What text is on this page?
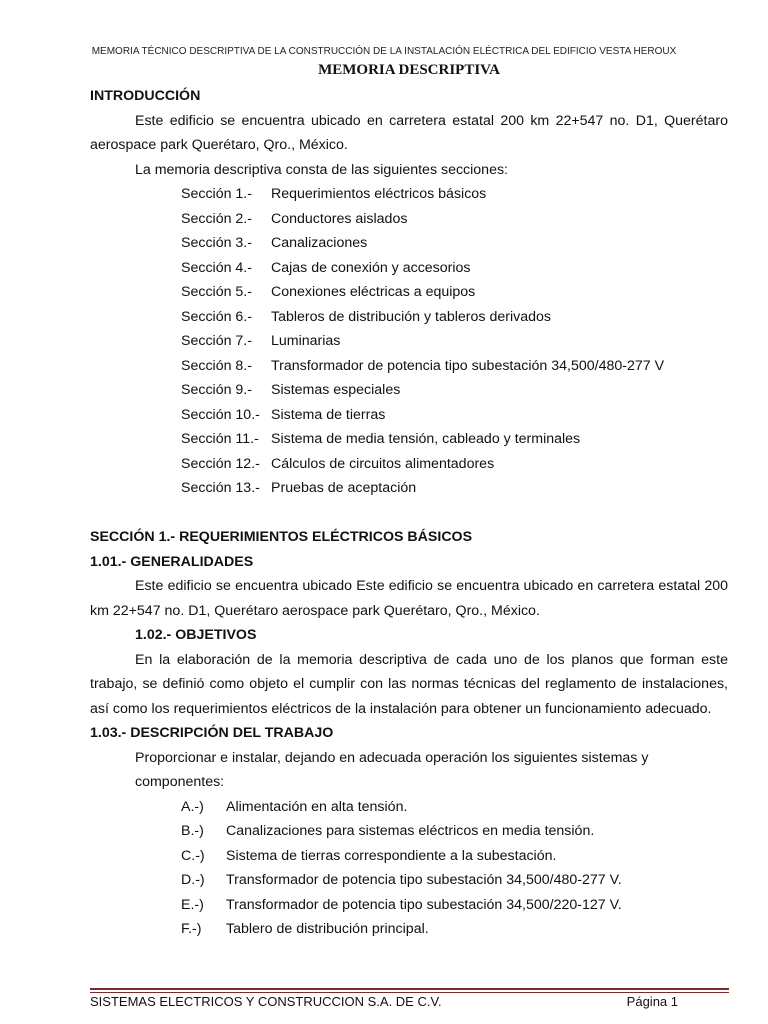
MEMORIA TÉCNICO DESCRIPTIVA DE LA CONSTRUCCIÓN DE LA INSTALACIÓN ELÉCTRICA DEL EDIFICIO VESTA HEROUX
MEMORIA DESCRIPTIVA

INTRODUCCIÓN

Este edificio se encuentra ubicado en carretera estatal 200 km 22+547 no. D1, Querétaro aerospace park Querétaro, Qro., México.

La memoria descriptiva consta de las siguientes secciones:

Sección 1.-	Requerimientos eléctricos básicos
Sección 2.-	Conductores aislados
Sección 3.-	Canalizaciones
Sección 4.-	Cajas de conexión y accesorios
Sección 5.-	Conexiones eléctricas a equipos
Sección 6.-	Tableros de distribución y tableros derivados
Sección 7.-	Luminarias
Sección 8.-	Transformador de potencia tipo subestación 34,500/480-277 V
Sección 9.-	Sistemas especiales
Sección 10.- Sistema de tierras
Sección 11.- Sistema de media tensión, cableado y terminales
Sección 12.- Cálculos de circuitos alimentadores
Sección 13.- Pruebas de aceptación

SECCIÓN 1.- REQUERIMIENTOS ELÉCTRICOS BÁSICOS

1.01.- GENERALIDADES

Este edificio se encuentra ubicado Este edificio se encuentra ubicado en carretera estatal 200 km 22+547 no. D1, Querétaro aerospace park Querétaro, Qro., México.

1.02.- OBJETIVOS

En la elaboración de la memoria descriptiva de cada uno de los planos que forman este trabajo, se definió como objeto el cumplir con las normas técnicas del reglamento de instalaciones, así como los requerimientos eléctricos de la instalación para obtener un funcionamiento adecuado.

1.03.- DESCRIPCIÓN DEL TRABAJO

Proporcionar e instalar, dejando en adecuada operación los siguientes sistemas y componentes:

A.-)	Alimentación en alta tensión.
B.-)	Canalizaciones para sistemas eléctricos en media tensión.
C.-)	Sistema de tierras correspondiente a la subestación.
D.-)	Transformador de potencia tipo subestación 34,500/480-277 V.
E.-)	Transformador de potencia tipo subestación 34,500/220-127 V.
F.-)	Tablero de distribución principal.
SISTEMAS ELECTRICOS Y CONSTRUCCION S.A. DE C.V.	Página 1
